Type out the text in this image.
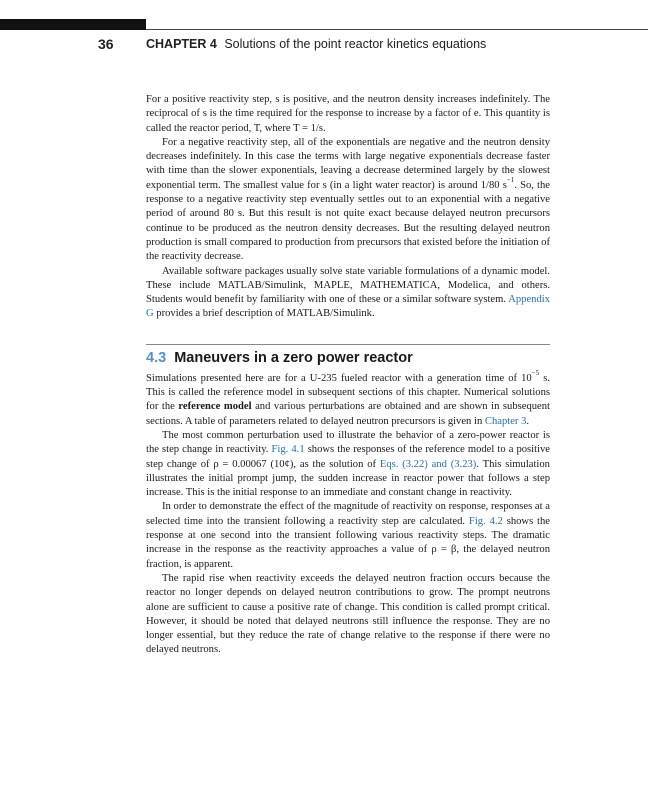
36	CHAPTER 4 Solutions of the point reactor kinetics equations

For a positive reactivity step, s is positive, and the neutron density increases indefinitely. The reciprocal of s is the time required for the response to increase by a factor of e. This quantity is called the reactor period, T, where T = 1/s.

For a negative reactivity step, all of the exponentials are negative and the neutron density decreases indefinitely. In this case the terms with large negative exponentials decrease faster with time than the slower exponentials, leaving a decrease determined largely by the slowest exponential term. The smallest value for s (in a light water reactor) is around 1/80 $s^{-1}$. So, the response to a negative reactivity step eventually settles out to an exponential with a negative period of around 80 s. But this result is not quite exact because delayed neutron precursors continue to be produced as the neutron density decreases. But the resulting delayed neutron production is small compared to production from precursors that existed before the initiation of the reactivity decrease.

Available software packages usually solve state variable formulations of a dynamic model. These include MATLAB/Simulink, MAPLE, MATHEMATICA, Modelica, and others. Students would benefit by familiarity with one of these or a similar software system. Appendix G provides a brief description of MATLAB/Simulink.

4.3 Maneuvers in a zero power reactor

Simulations presented here are for a U-235 fueled reactor with a generation time of $10^{-5}$ s. This is called the reference model in subsequent sections of this chapter. Numerical solutions for the reference model and various perturbations are obtained and are shown in subsequent sections. A table of parameters related to delayed neutron precursors is given in Chapter 3.

The most common perturbation used to illustrate the behavior of a zero-power reactor is the step change in reactivity. Fig. 4.1 shows the responses of the reference model to a positive step change of ρ = 0.00067 (10¢), as the solution of Eqs. (3.22) and (3.23). This simulation illustrates the initial prompt jump, the sudden increase in reactor power that follows a step increase. This is the initial response to an immediate and constant change in reactivity.

In order to demonstrate the effect of the magnitude of reactivity on response, responses at a selected time into the transient following a reactivity step are calculated. Fig. 4.2 shows the response at one second into the transient following various reactivity steps. The dramatic increase in the response as the reactivity approaches a value of ρ = β, the delayed neutron fraction, is apparent.

The rapid rise when reactivity exceeds the delayed neutron fraction occurs because the reactor no longer depends on delayed neutron contributions to grow. The prompt neutrons alone are sufficient to cause a positive rate of change. This condition is called prompt critical. However, it should be noted that delayed neutrons still influence the response. They are no longer essential, but they reduce the rate of change relative to the response if there were no delayed neutrons.
